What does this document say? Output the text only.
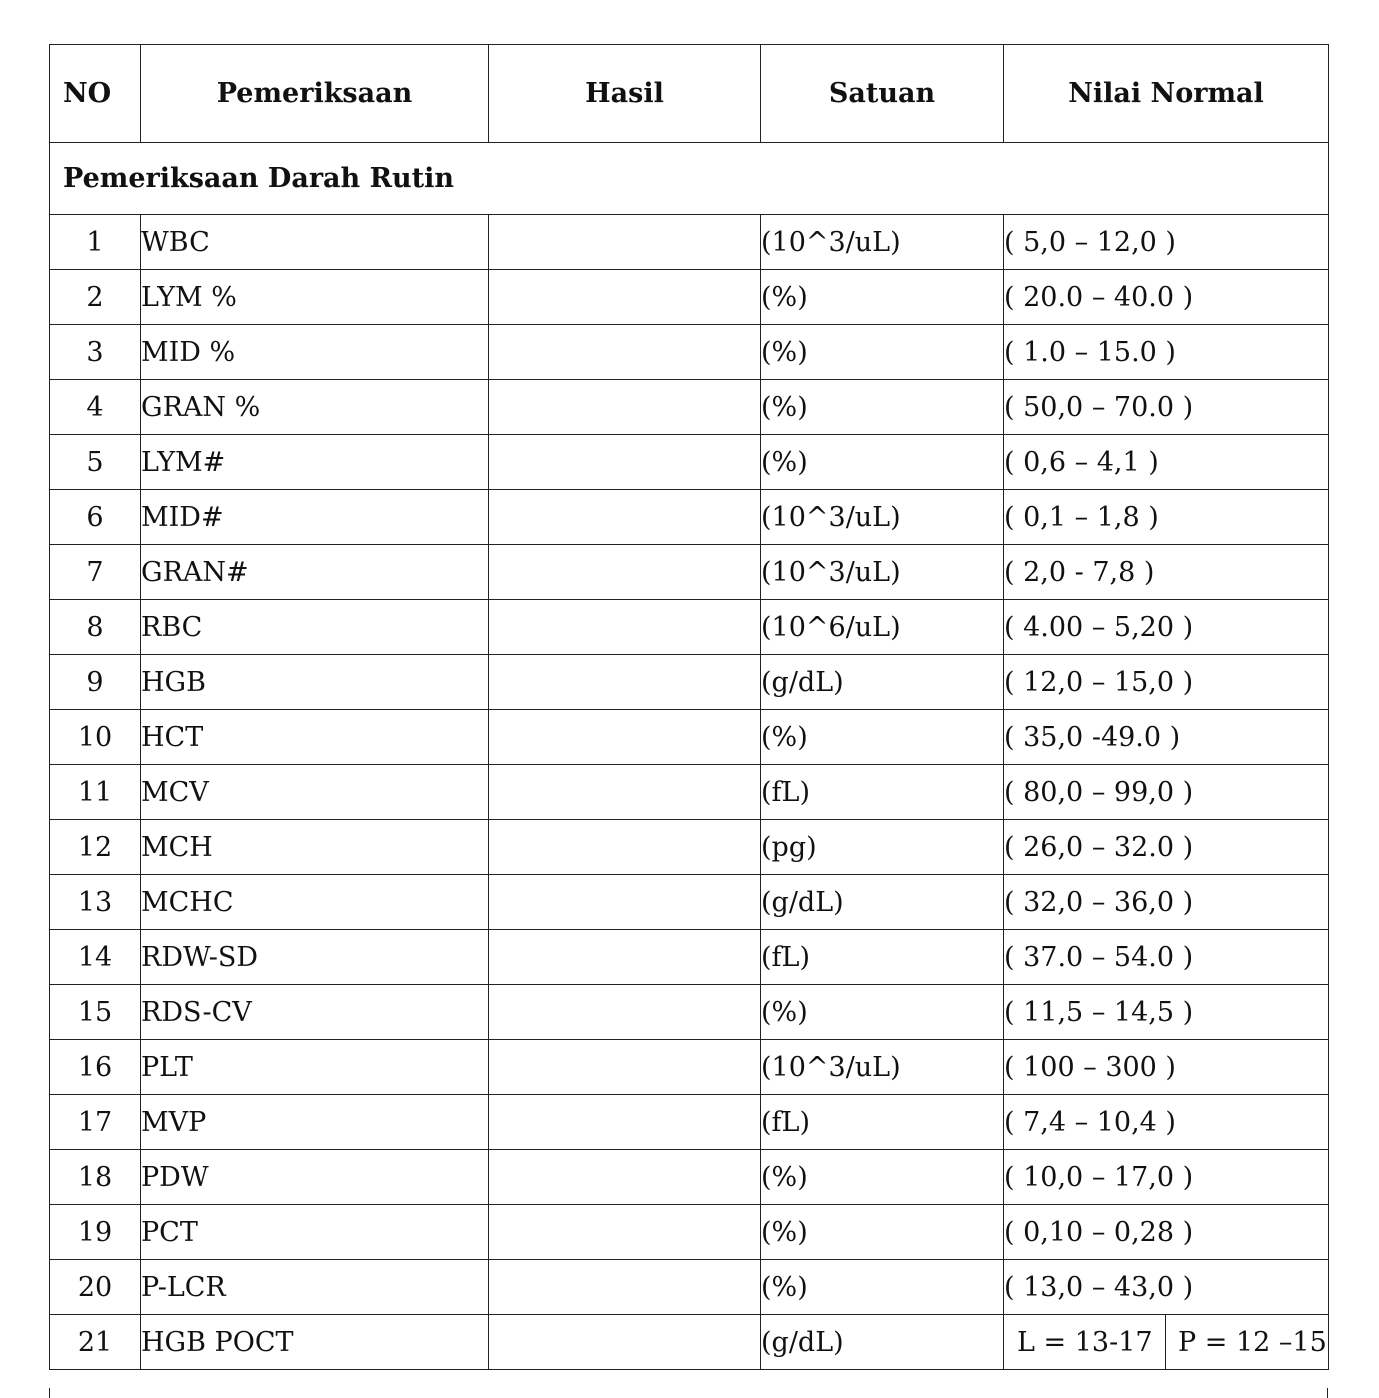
NO	Pemeriksaan	Hasil	Satuan	Nilai Normal
Pemeriksaan Darah Rutin				
1	WBC		(10^3/uL)	( 5,0 – 12,0 )
2	LYM %		(%)	( 20.0 – 40.0 )
3	MID %		(%)	( 1.0 – 15.0 )
4	GRAN %		(%)	( 50,0 – 70.0 )
5	LYM#		(%)	( 0,6 – 4,1 )
6	MID#		(10^3/uL)	( 0,1 – 1,8 )
7	GRAN#		(10^3/uL)	( 2,0 - 7,8 )
8	RBC		(10^6/uL)	( 4.00 – 5,20 )
9	HGB		(g/dL)	( 12,0 – 15,0 )
10	HCT		(%)	( 35,0 -49.0 )
11	MCV		(fL)	( 80,0 – 99,0 )
12	MCH		(pg)	( 26,0 – 32.0 )
13	MCHC		(g/dL)	( 32,0 – 36,0 )
14	RDW-SD		(fL)	( 37.0 – 54.0 )
15	RDS-CV		(%)	( 11,5 – 14,5 )
16	PLT		(10^3/uL)	( 100 – 300 )
17	MVP		(fL)	( 7,4 – 10,4 )
18	PDW		(%)	( 10,0 – 17,0 )
19	PCT		(%)	( 0,10 – 0,28 )
20	P-LCR		(%)	( 13,0 – 43,0 )
21	HGB POCT		(g/dL)	L = 13-17 P = 12 –15
